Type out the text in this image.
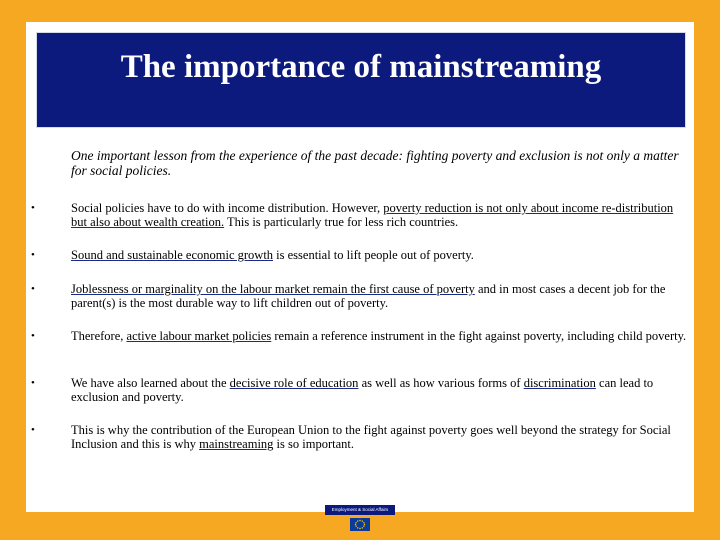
The importance of mainstreaming

One important lesson from the experience of the past decade: fighting poverty and exclusion is not only a matter for social policies.

•	Social policies have to do with income distribution. However, poverty reduction is not only about income re-distribution but also about wealth creation. This is particularly true for less rich countries.
•	Sound and sustainable economic growth is essential to lift people out of poverty.
•	Joblessness or marginality on the labour market remain the first cause of poverty and in most cases a decent job for the parent(s) is the most durable way to lift children out of poverty.
•	Therefore, active labour market policies remain a reference instrument in the fight against poverty, including child poverty.
•	We have also learned about the decisive role of education as well as how various forms of discrimination can lead to exclusion and poverty.
•	This is why the contribution of the European Union to the fight against poverty goes well beyond the strategy for Social Inclusion and this is why mainstreaming is so important.
Employment & Social Affairs
